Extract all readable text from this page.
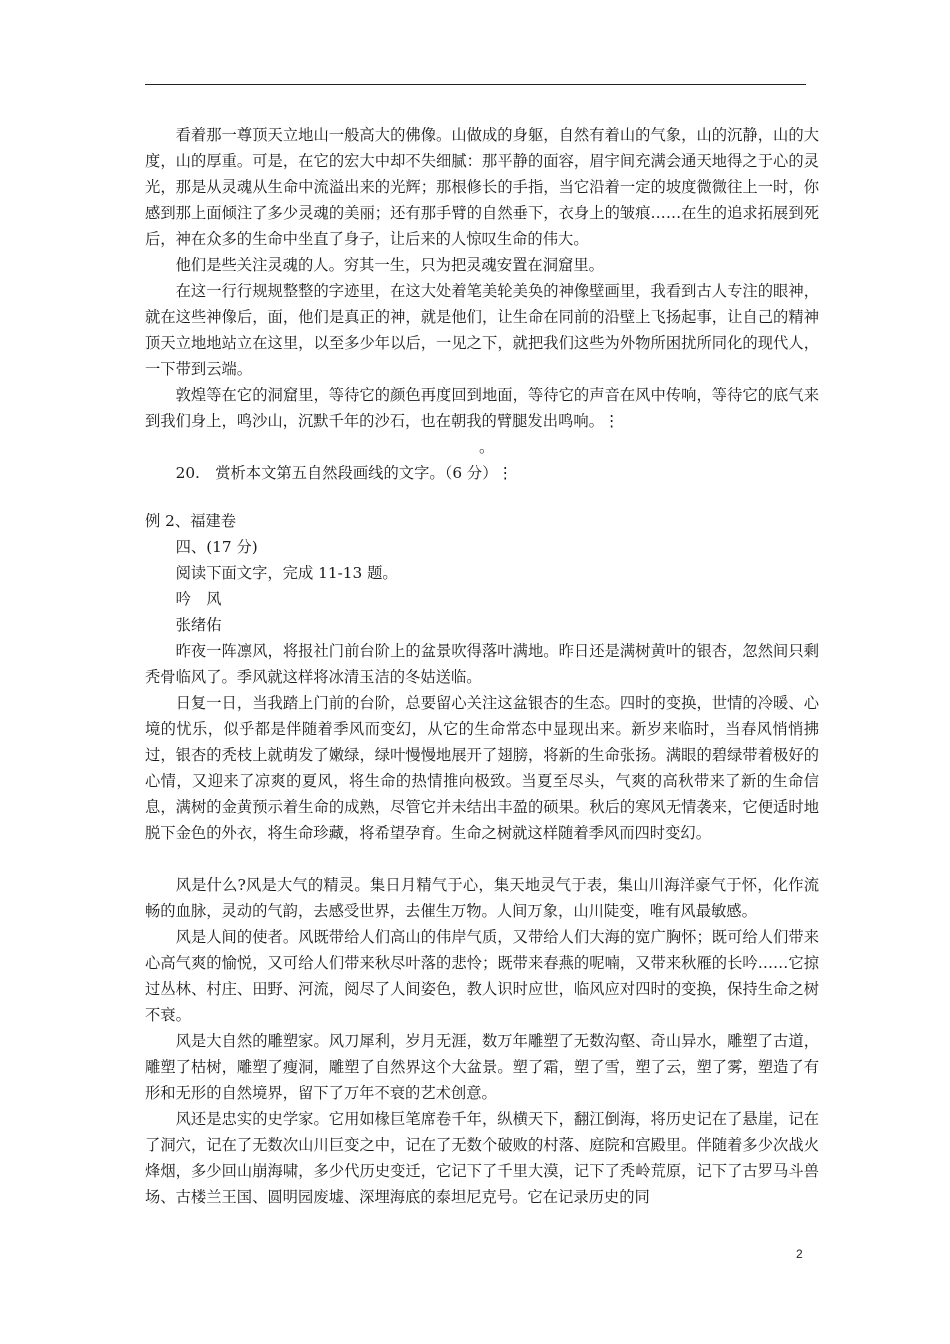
看着那一尊顶天立地山一般高大的佛像。山做成的身躯，自然有着山的气象，山的沉静，山的大度，山的厚重。可是，在它的宏大中却不失细腻：那平静的面容，眉宇间充满会通天地得之于心的灵光，那是从灵魂从生命中流溢出来的光辉；那根修长的手指，当它沿着一定的坡度微微往上一时，你感到那上面倾注了多少灵魂的美丽；还有那手臂的自然垂下，衣身上的皱痕……在生的追求拓展到死后，神在众多的生命中坐直了身子，让后来的人惊叹生命的伟大。

他们是些关注灵魂的人。穷其一生，只为把灵魂安置在洞窟里。

在这一行行规规整整的字迹里，在这大处着笔美轮美奂的神像壁画里，我看到古人专注的眼神，就在这些神像后，面，他们是真正的神，就是他们，让生命在同前的沿壁上飞扬起事，让自己的精神顶天立地地站立在这里，以至多少年以后，一见之下，就把我们这些为外物所困扰所同化的现代人，一下带到云端。

敦煌等在它的洞窟里，等待它的颜色再度回到地面，等待它的声音在风中传响，等待它的底气来到我们身上，鸣沙山，沉默千年的沙石，也在朝我的臂腿发出鸣响。⋮

。

20.　赏析本文第五自然段画线的文字。（6 分）⋮

例 2、福建卷

四、(17 分)

阅读下面文字，完成 11-13 题。

吟　风

张绪佑

昨夜一阵凛风，将报社门前台阶上的盆景吹得落叶满地。昨日还是满树黄叶的银杏，忽然间只剩秃骨临风了。季风就这样将冰清玉洁的冬姑送临。

日复一日，当我踏上门前的台阶，总要留心关注这盆银杏的生态。四时的变换，世情的冷暖、心境的忧乐，似乎都是伴随着季风而变幻，从它的生命常态中显现出来。新岁来临时，当春风悄悄拂过，银杏的秃枝上就萌发了嫩绿，绿叶慢慢地展开了翅膀，将新的生命张扬。满眼的碧绿带着极好的心情，又迎来了凉爽的夏风，将生命的热情推向极致。当夏至尽头，气爽的高秋带来了新的生命信息，满树的金黄预示着生命的成熟，尽管它并未结出丰盈的硕果。秋后的寒风无情袭来，它便适时地脱下金色的外衣，将生命珍藏，将希望孕育。生命之树就这样随着季风而四时变幻。

风是什么?风是大气的精灵。集日月精气于心，集天地灵气于表，集山川海洋豪气于怀，化作流畅的血脉，灵动的气韵，去感受世界，去催生万物。人间万象，山川陡变，唯有风最敏感。

风是人间的使者。风既带给人们高山的伟岸气质，又带给人们大海的宽广胸怀；既可给人们带来心高气爽的愉悦，又可给人们带来秋尽叶落的悲怜；既带来春燕的呢喃，又带来秋雁的长吟……它掠过丛林、村庄、田野、河流，阅尽了人间姿色，教人识时应世，临风应对四时的变换，保持生命之树不衰。

风是大自然的雕塑家。风刀犀利，岁月无涯，数万年雕塑了无数沟壑、奇山异水，雕塑了古道，雕塑了枯树，雕塑了瘦洞，雕塑了自然界这个大盆景。塑了霜，塑了雪，塑了云，塑了雾，塑造了有形和无形的自然境界，留下了万年不衰的艺术创意。

风还是忠实的史学家。它用如椽巨笔席卷千年，纵横天下，翻江倒海，将历史记在了悬崖，记在了洞穴，记在了无数次山川巨变之中，记在了无数个破败的村落、庭院和宫殿里。伴随着多少次战火烽烟，多少回山崩海啸，多少代历史变迁，它记下了千里大漠，记下了秃岭荒原，记下了古罗马斗兽场、古楼兰王国、圆明园废墟、深埋海底的泰坦尼克号。它在记录历史的同

2
